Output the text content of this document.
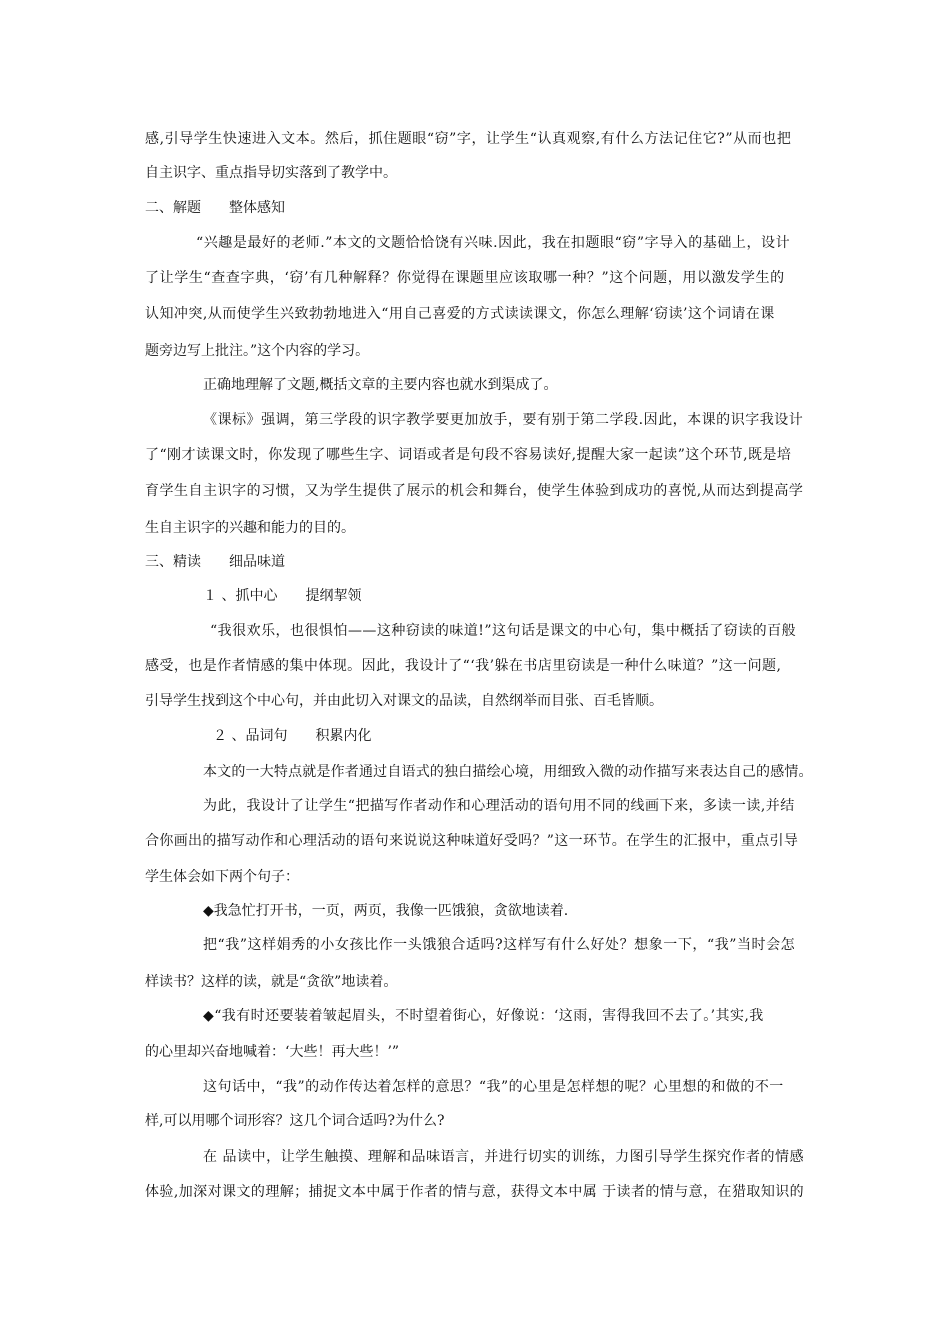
感,引导学生快速进入文本。然后，抓住题眼“窃”字，让学生“认真观察,有什么方法记住它?”从而也把

自主识字、重点指导切实落到了教学中。

二、解题　　整体感知

“兴趣是最好的老师.”本文的文题恰恰饶有兴味.因此，我在扣题眼“窃”字导入的基础上，设计

了让学生“查查字典，‘窃’有几种解释？你觉得在课题里应该取哪一种？”这个问题，用以激发学生的

认知冲突,从而使学生兴致勃勃地进入“用自己喜爱的方式读读课文，你怎么理解‘窃读’这个词请在课

题旁边写上批注。”这个内容的学习。

正确地理解了文题,概括文章的主要内容也就水到渠成了。

《课标》强调，第三学段的识字教学要更加放手，要有别于第二学段.因此，本课的识字我设计

了“刚才读课文时，你发现了哪些生字、词语或者是句段不容易读好,提醒大家一起读”这个环节,既是培

育学生自主识字的习惯，又为学生提供了展示的机会和舞台，使学生体验到成功的喜悦,从而达到提高学

生自主识字的兴趣和能力的目的。

三、精读　　细品味道

１ 、抓中心　　提纲挈领

“我很欢乐，也很惧怕——这种窃读的味道!”这句话是课文的中心句，集中概括了窃读的百般

感受，也是作者情感的集中体现。因此，我设计了“‘我’躲在书店里窃读是一种什么味道？”这一问题,

引导学生找到这个中心句，并由此切入对课文的品读，自然纲举而目张、百毛皆顺。

２ 、品词句　　积累内化

本文的一大特点就是作者通过自语式的独白描绘心境，用细致入微的动作描写来表达自己的感情。

为此，我设计了让学生“把描写作者动作和心理活动的语句用不同的线画下来，多读一读,并结

合你画出的描写动作和心理活动的语句来说说这种味道好受吗？”这一环节。在学生的汇报中，重点引导

学生体会如下两个句子：

◆我急忙打开书，一页，两页，我像一匹饿狼，贪欲地读着.

把“我”这样娟秀的小女孩比作一头饿狼合适吗?这样写有什么好处？想象一下，“我”当时会怎

样读书？这样的读，就是“贪欲”地读着。

◆“我有时还要装着皱起眉头，不时望着街心，好像说：‘这雨，害得我回不去了。’其实,我

的心里却兴奋地喊着：‘大些！再大些！’”

这句话中，“我”的动作传达着怎样的意思？“我”的心里是怎样想的呢？心里想的和做的不一

样,可以用哪个词形容？这几个词合适吗?为什么?

在 品读中，让学生触摸、理解和品味语言，并进行切实的训练，力图引导学生探究作者的情感

体验,加深对课文的理解；捕捉文本中属于作者的情与意，获得文本中属 于读者的情与意，在猎取知识的
